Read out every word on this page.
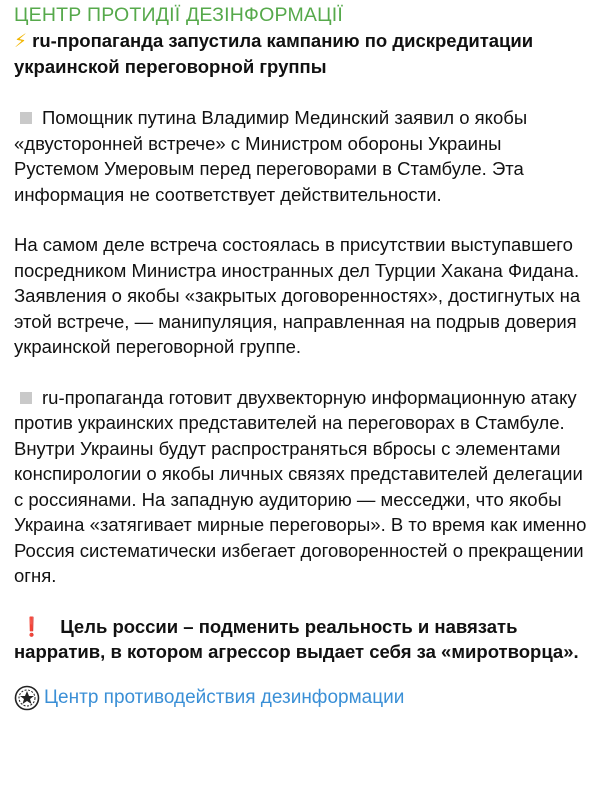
ЦЕНТР ПРОТИДІЇ ДЕЗІНФОРМАЦІЇ
⚡ ru-пропаганда запустила кампанию по дискредитации украинской переговорной группы
Помощник путина Владимир Мединский заявил о якобы «двусторонней встрече» с Министром обороны Украины Рустемом Умеровым перед переговорами в Стамбуле. Эта информация не соответствует действительности.
На самом деле встреча состоялась в присутствии выступавшего посредником Министра иностранных дел Турции Хакана Фидана. Заявления о якобы «закрытых договоренностях», достигнутых на этой встрече, — манипуляция, направленная на подрыв доверия украинской переговорной группе.
ru-пропаганда готовит двухвекторную информационную атаку против украинских представителей на переговорах в Стамбуле. Внутри Украины будут распространяться вбросы с элементами конспирологии о якобы личных связях представителей делегации с россиянами. На западную аудиторию — месседжи, что якобы Украина «затягивает мирные переговоры». В то время как именно Россия систематически избегает договоренностей о прекращении огня.
❗ Цель россии – подменить реальность и навязать нарратив, в котором агрессор выдает себя за «миротворца».
Центр противодействия дезинформации
